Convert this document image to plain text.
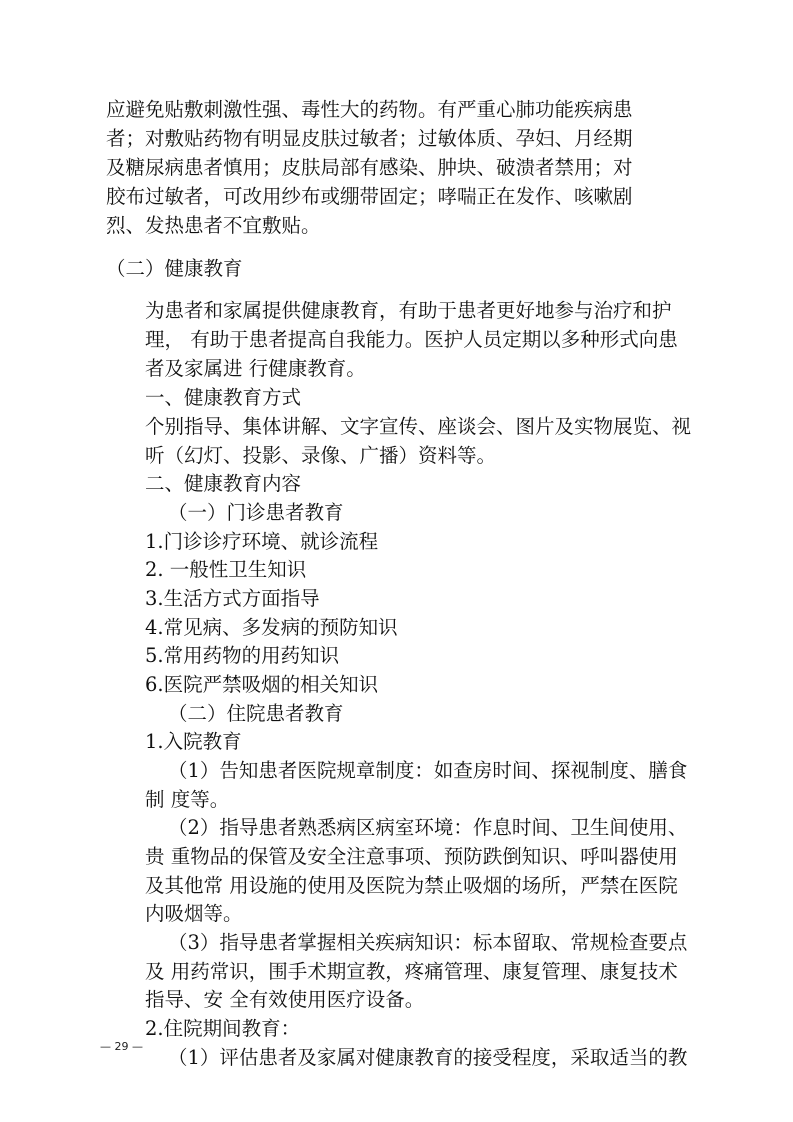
应避免贴敷刺激性强、毒性大的药物。有严重心肺功能疾病患
者；对敷贴药物有明显皮肤过敏者；过敏体质、孕妇、月经期
及糖尿病患者慎用；皮肤局部有感染、肿块、破溃者禁用；对
胶布过敏者，可改用纱布或绷带固定；哮喘正在发作、咳嗽剧
烈、发热患者不宜敷贴。
（二）健康教育
为患者和家属提供健康教育，有助于患者更好地参与治疗和护
理， 有助于患者提高自我能力。医护人员定期以多种形式向患
者及家属进 行健康教育。
一、健康教育方式
个别指导、集体讲解、文字宣传、座谈会、图片及实物展览、视
听（幻灯、投影、录像、广播）资料等。
二、健康教育内容
（一）门诊患者教育
1.门诊诊疗环境、就诊流程
2. 一般性卫生知识
3.生活方式方面指导
4.常见病、多发病的预防知识
5.常用药物的用药知识
6.医院严禁吸烟的相关知识
（二）住院患者教育
1.入院教育
（1）告知患者医院规章制度：如查房时间、探视制度、膳食
制 度等。
（2）指导患者熟悉病区病室环境：作息时间、卫生间使用、
贵 重物品的保管及安全注意事项、预防跌倒知识、呼叫器使用
及其他常 用设施的使用及医院为禁止吸烟的场所，严禁在医院
内吸烟等。
（3）指导患者掌握相关疾病知识：标本留取、常规检查要点
及 用药常识，围手术期宣教，疼痛管理、康复管理、康复技术
指导、安 全有效使用医疗设备。
2.住院期间教育：
（1）评估患者及家属对健康教育的接受程度，采取适当的教
— 29 —
